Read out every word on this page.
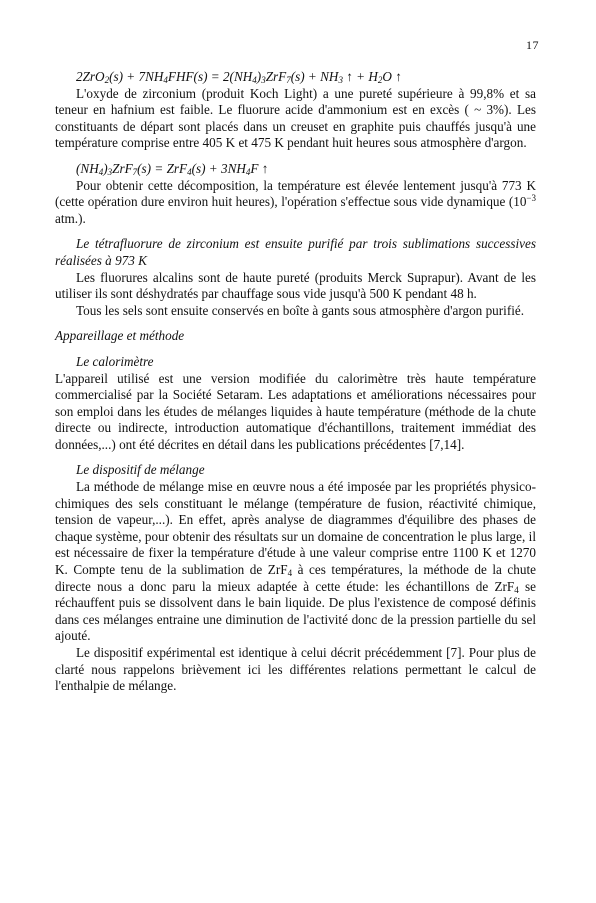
17

$2ZrO_2(s) + 7NH_4FHF(s) = 2(NH_4)_3ZrF_7(s) + NH_3$ ↑ + $H_2O$ ↑

L'oxyde de zirconium (produit Koch Light) a une pureté supérieure à 99,8% et sa teneur en hafnium est faible. Le fluorure acide d'ammonium est en excès ( ~ 3%). Les constituants de départ sont placés dans un creuset en graphite puis chauffés jusqu'à une température comprise entre 405 K et 475 K pendant huit heures sous atmosphère d'argon.

$(NH_4)_3ZrF_7(s) = ZrF_4(s) + 3NH_4F$ ↑

Pour obtenir cette décomposition, la température est élevée lentement jusqu'à 773 K (cette opération dure environ huit heures), l'opération s'effectue sous vide dynamique ($10^{-3}$ atm.).

Le tétrafluorure de zirconium est ensuite purifié par trois sublimations successives réalisées à 973 K

Les fluorures alcalins sont de haute pureté (produits Merck Suprapur). Avant de les utiliser ils sont déshydratés par chauffage sous vide jusqu'à 500 K pendant 48 h.

Tous les sels sont ensuite conservés en boîte à gants sous atmosphère d'argon purifié.

Appareillage et méthode

Le calorimètre

L'appareil utilisé est une version modifiée du calorimètre très haute température commercialisé par la Société Setaram. Les adaptations et améliorations nécessaires pour son emploi dans les études de mélanges liquides à haute température (méthode de la chute directe ou indirecte, introduction automatique d'échantillons, traitement immédiat des données,...) ont été décrites en détail dans les publications précédentes [7,14].

Le dispositif de mélange

La méthode de mélange mise en œuvre nous a été imposée par les propriétés physico-chimiques des sels constituant le mélange (température de fusion, réactivité chimique, tension de vapeur,...). En effet, après analyse de diagrammes d'équilibre des phases de chaque système, pour obtenir des résultats sur un domaine de concentration le plus large, il est nécessaire de fixer la température d'étude à une valeur comprise entre 1100 K et 1270 K. Compte tenu de la sublimation de ZrF$_4$ à ces températures, la méthode de la chute directe nous a donc paru la mieux adaptée à cette étude: les échantillons de ZrF$_4$ se réchauffent puis se dissolvent dans le bain liquide. De plus l'existence de composé définis dans ces mélanges entraine une diminution de l'activité donc de la pression partielle du sel ajouté.

Le dispositif expérimental est identique à celui décrit précédemment [7]. Pour plus de clarté nous rappelons brièvement ici les différentes relations permettant le calcul de l'enthalpie de mélange.
